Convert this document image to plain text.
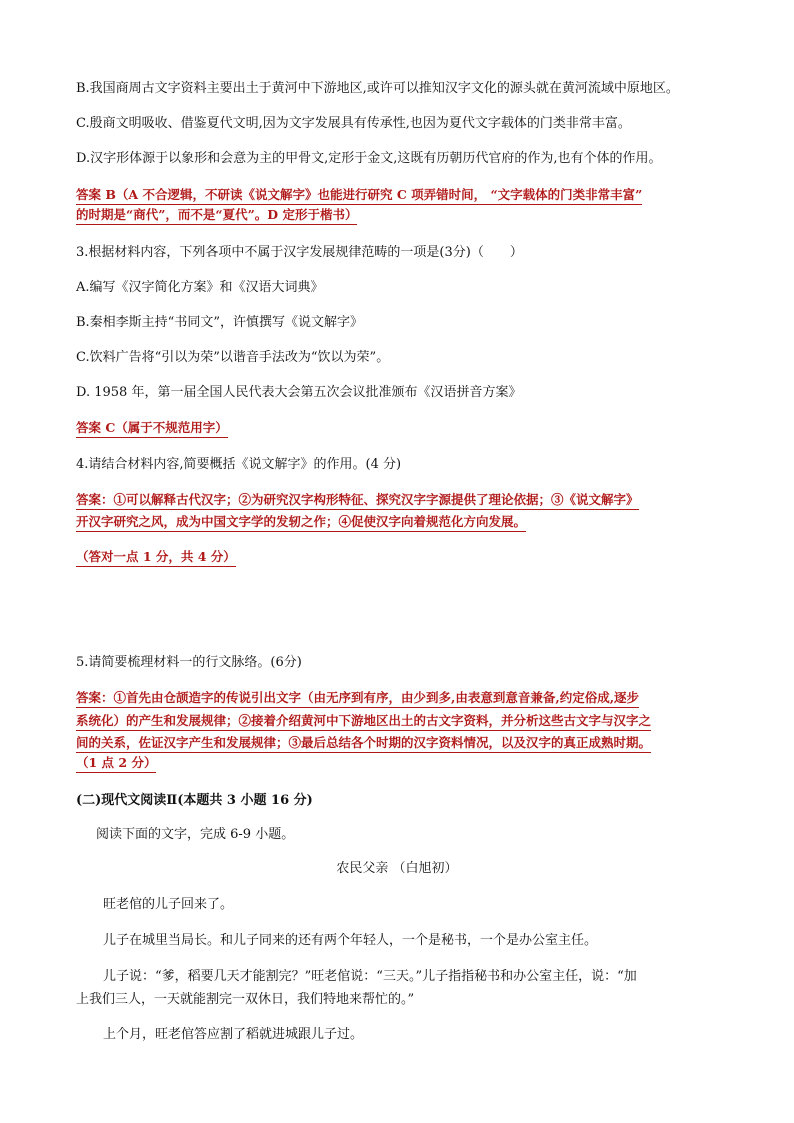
B.我国商周古文字资料主要出土于黄河中下游地区,或许可以推知汉字文化的源头就在黄河流域中原地区。
C.殷商文明吸收、借鉴夏代文明,因为文字发展具有传承性,也因为夏代文字载体的门类非常丰富。
D.汉字形体源于以象形和会意为主的甲骨文,定形于金文,这既有历朝历代官府的作为,也有个体的作用。
答案 B（A 不合逻辑，不研读《说文解字》也能进行研究 C 项弄错时间， “文字载体的门类非常丰富”
的时期是“商代”，而不是“夏代”。D 定形于楷书）
3.根据材料内容，下列各项中不属于汉字发展规律范畴的一项是(3分)（　　）
A.编写《汉字简化方案》和《汉语大词典》
B.秦相李斯主持“书同文”，许慎撰写《说文解字》
C.饮料广告将“引以为荣”以谐音手法改为“饮以为荣”。
D. 1958 年，第一届全国人民代表大会第五次会议批准颁布《汉语拼音方案》
答案 C（属于不规范用字）
4.请结合材料内容,简要概括《说文解字》的作用。(4 分)
答案：①可以解释古代汉字；②为研究汉字构形特征、探究汉字字源提供了理论依据；③《说文解字》
开汉字研究之风，成为中国文字学的发轫之作；④促使汉字向着规范化方向发展。
（答对一点 1 分，共 4 分）
5.请简要梳理材料一的行文脉络。(6分)
答案：①首先由仓颉造字的传说引出文字（由无序到有序，由少到多,由表意到意音兼备,约定俗成,逐步
系统化）的产生和发展规律；②接着介绍黄河中下游地区出土的古文字资料，并分析这些古文字与汉字之
间的关系，佐证汉字产生和发展规律；③最后总结各个时期的汉字资料情况，以及汉字的真正成熟时期。
（1 点 2 分）
(二)现代文阅读Ⅱ(本题共 3 小题 16 分)
阅读下面的文字，完成 6-9 小题。
农民父亲 （白旭初）
旺老倌的儿子回来了。
儿子在城里当局长。和儿子同来的还有两个年轻人，一个是秘书，一个是办公室主任。
儿子说：“爹，稻要几天才能割完？”旺老倌说：“三天。”儿子指指秘书和办公室主任，说：“加
上我们三人，一天就能割完一双休日，我们特地来帮忙的。”
上个月，旺老倌答应割了稻就进城跟儿子过。
